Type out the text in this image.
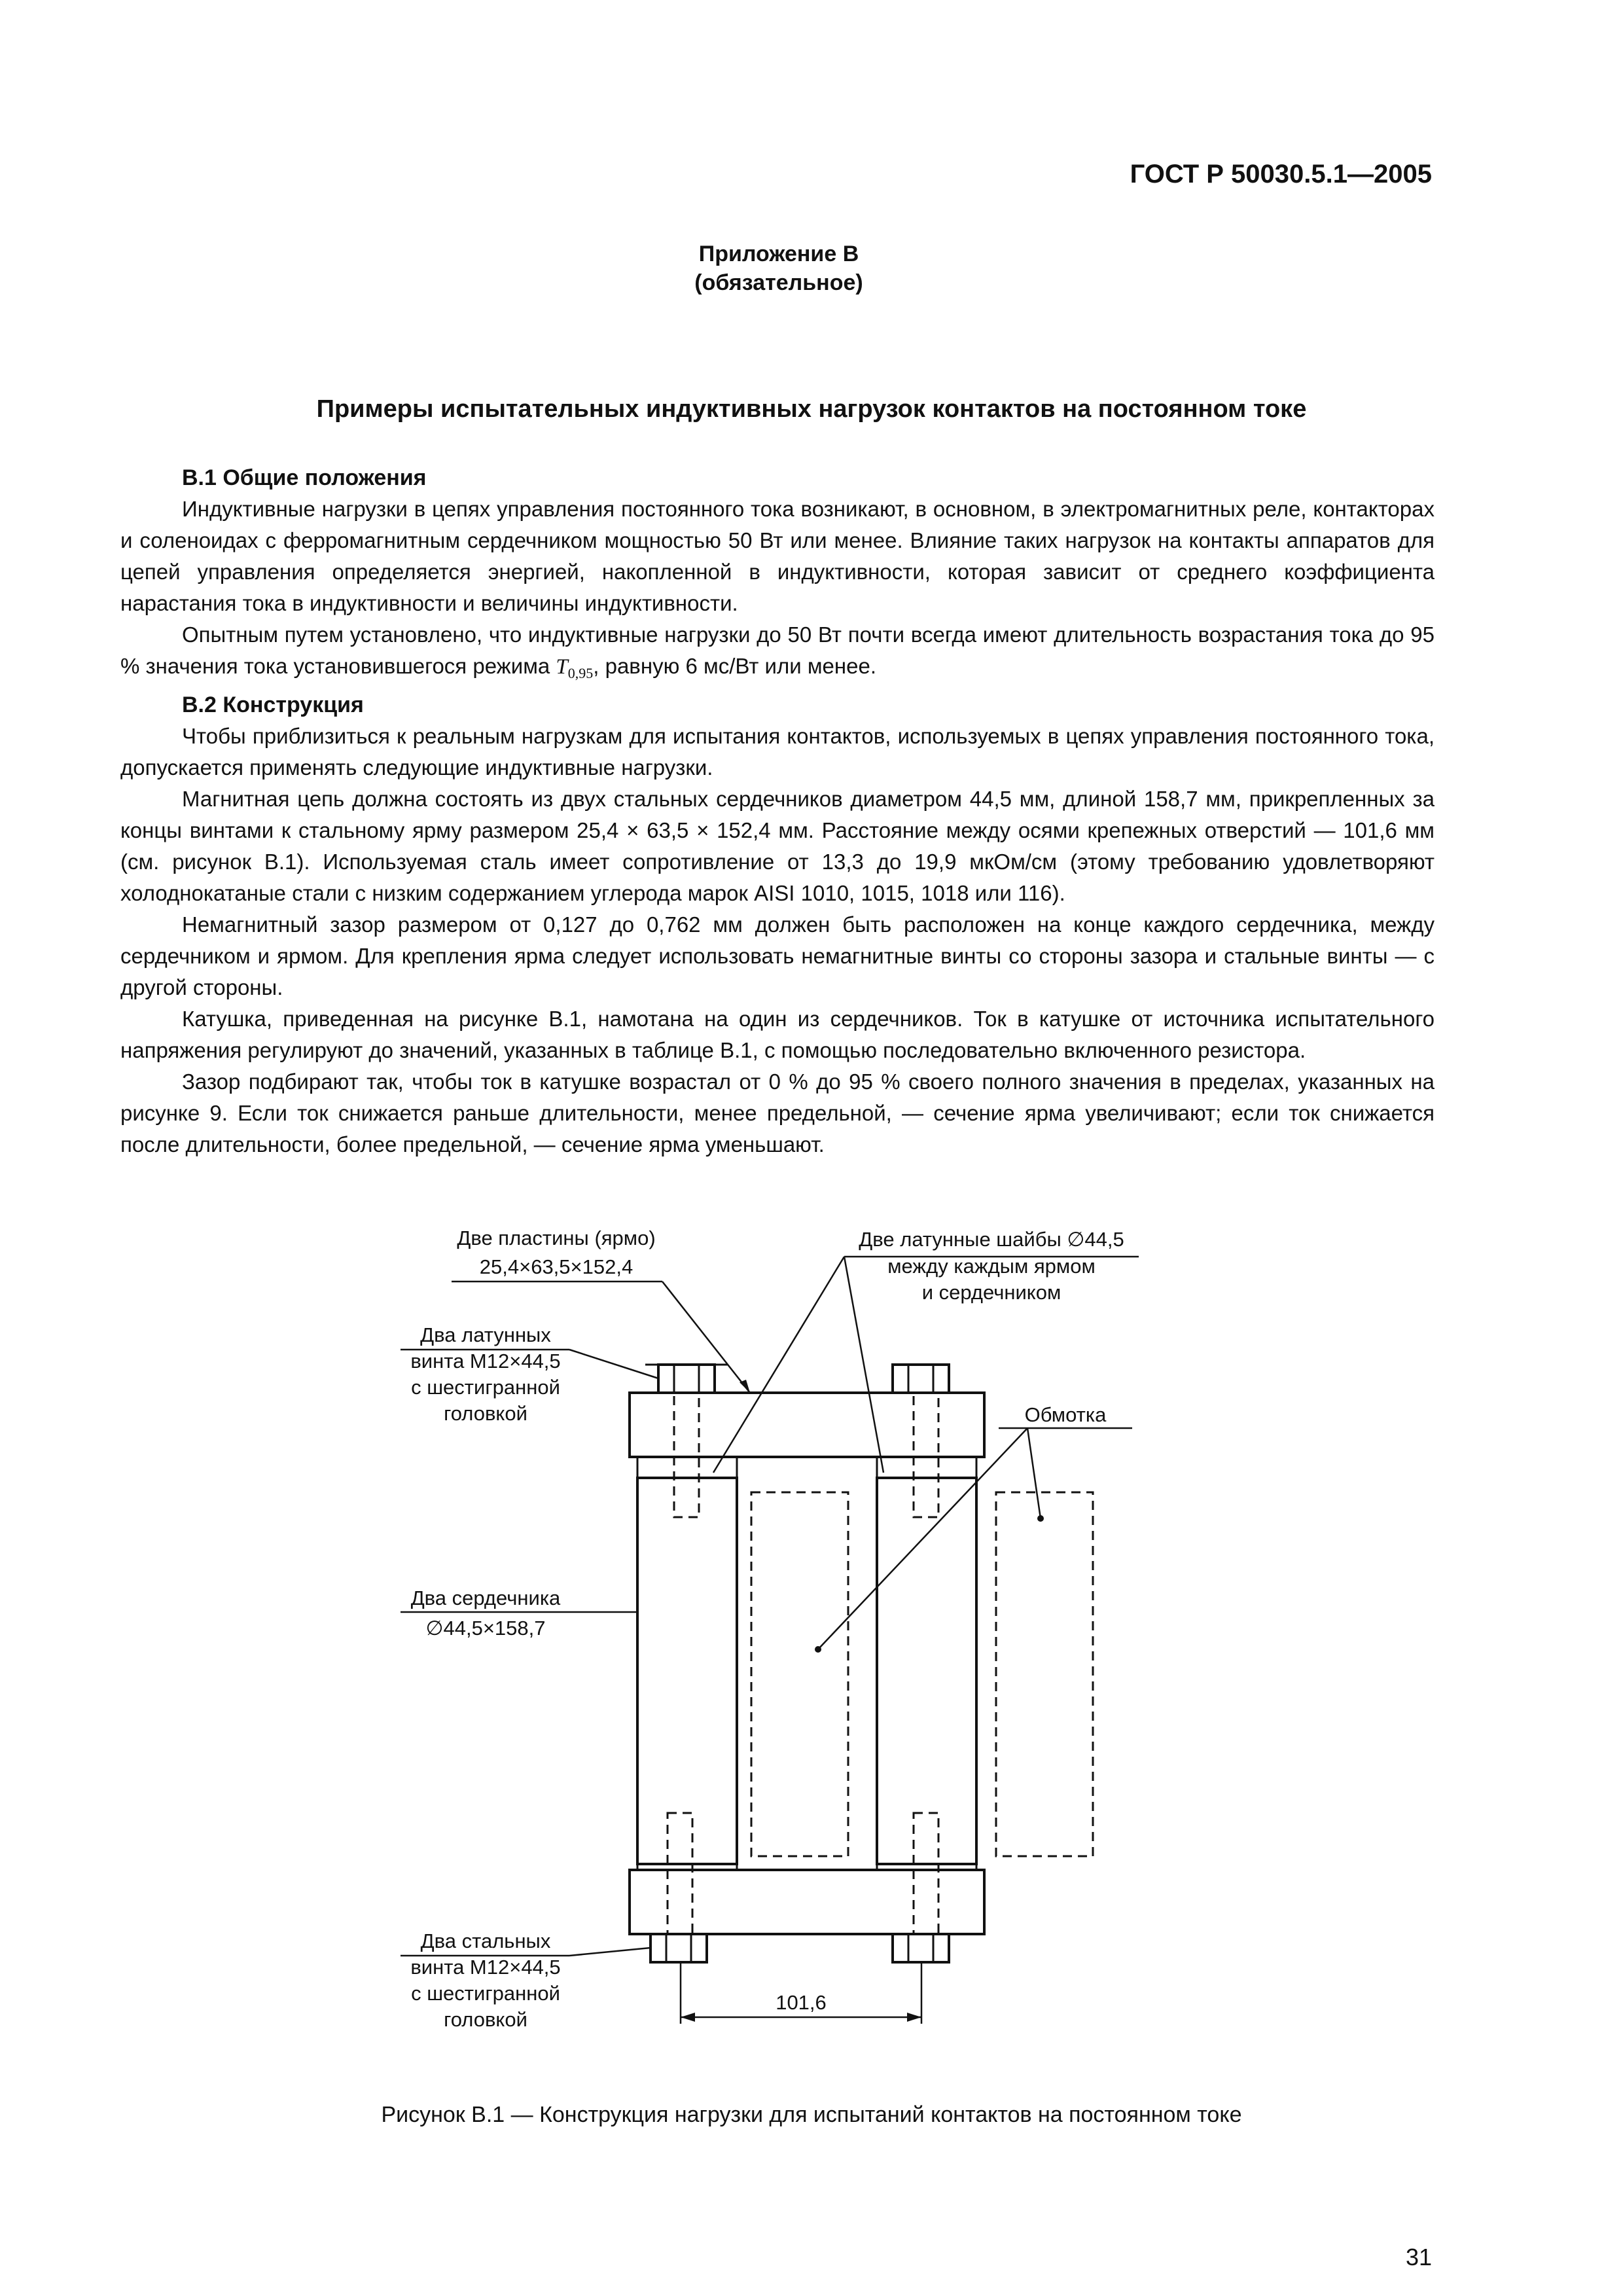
ГОСТ Р 50030.5.1—2005
Приложение В
(обязательное)
Примеры испытательных индуктивных нагрузок контактов на постоянном токе
В.1 Общие положения

Индуктивные нагрузки в цепях управления постоянного тока возникают, в основном, в электромагнитных реле, контакторах и соленоидах с ферромагнитным сердечником мощностью 50 Вт или менее. Влияние таких нагрузок на контакты аппаратов для цепей управления определяется энергией, накопленной в индуктивности, которая зависит от среднего коэффициента нарастания тока в индуктивности и величины индуктивности.

Опытным путем установлено, что индуктивные нагрузки до 50 Вт почти всегда имеют длительность возрастания тока до 95 % значения тока установившегося режима $T_{0,95}$, равную 6 мс/Вт или менее.

В.2 Конструкция

Чтобы приблизиться к реальным нагрузкам для испытания контактов, используемых в цепях управления постоянного тока, допускается применять следующие индуктивные нагрузки.

Магнитная цепь должна состоять из двух стальных сердечников диаметром 44,5 мм, длиной 158,7 мм, прикрепленных за концы винтами к стальному ярму размером 25,4 × 63,5 × 152,4 мм. Расстояние между осями крепежных отверстий — 101,6 мм (см. рисунок В.1). Используемая сталь имеет сопротивление от 13,3 до 19,9 мкОм/см (этому требованию удовлетворяют холоднокатаные стали с низким содержанием углерода марок AISI 1010, 1015, 1018 или 116).

Немагнитный зазор размером от 0,127 до 0,762 мм должен быть расположен на конце каждого сердечника, между сердечником и ярмом. Для крепления ярма следует использовать немагнитные винты со стороны зазора и стальные винты — с другой стороны.

Катушка, приведенная на рисунке В.1, намотана на один из сердечников. Ток в катушке от источника испытательного напряжения регулируют до значений, указанных в таблице В.1, с помощью последовательно включенного резистора.

Зазор подбирают так, чтобы ток в катушке возрастал от 0 % до 95 % своего полного значения в пределах, указанных на рисунке 9. Если ток снижается раньше длительности, менее предельной, — сечение ярма увеличивают; если ток снижается после длительности, более предельной, — сечение ярма уменьшают.

Две пластины (ярмо)
25,4×63,5×152,4
Две латунные шайбы ∅44,5
между каждым ярмом
и сердечником
Два латунных
винта М12×44,5
с шестигранной
головкой	Обмотка
Два сердечника
∅44,5×158,7
Два стальных
винта М12×44,5
с шестигранной
головкой
101,6
Рисунок В.1 — Конструкция нагрузки для испытаний контактов на постоянном токе
31
